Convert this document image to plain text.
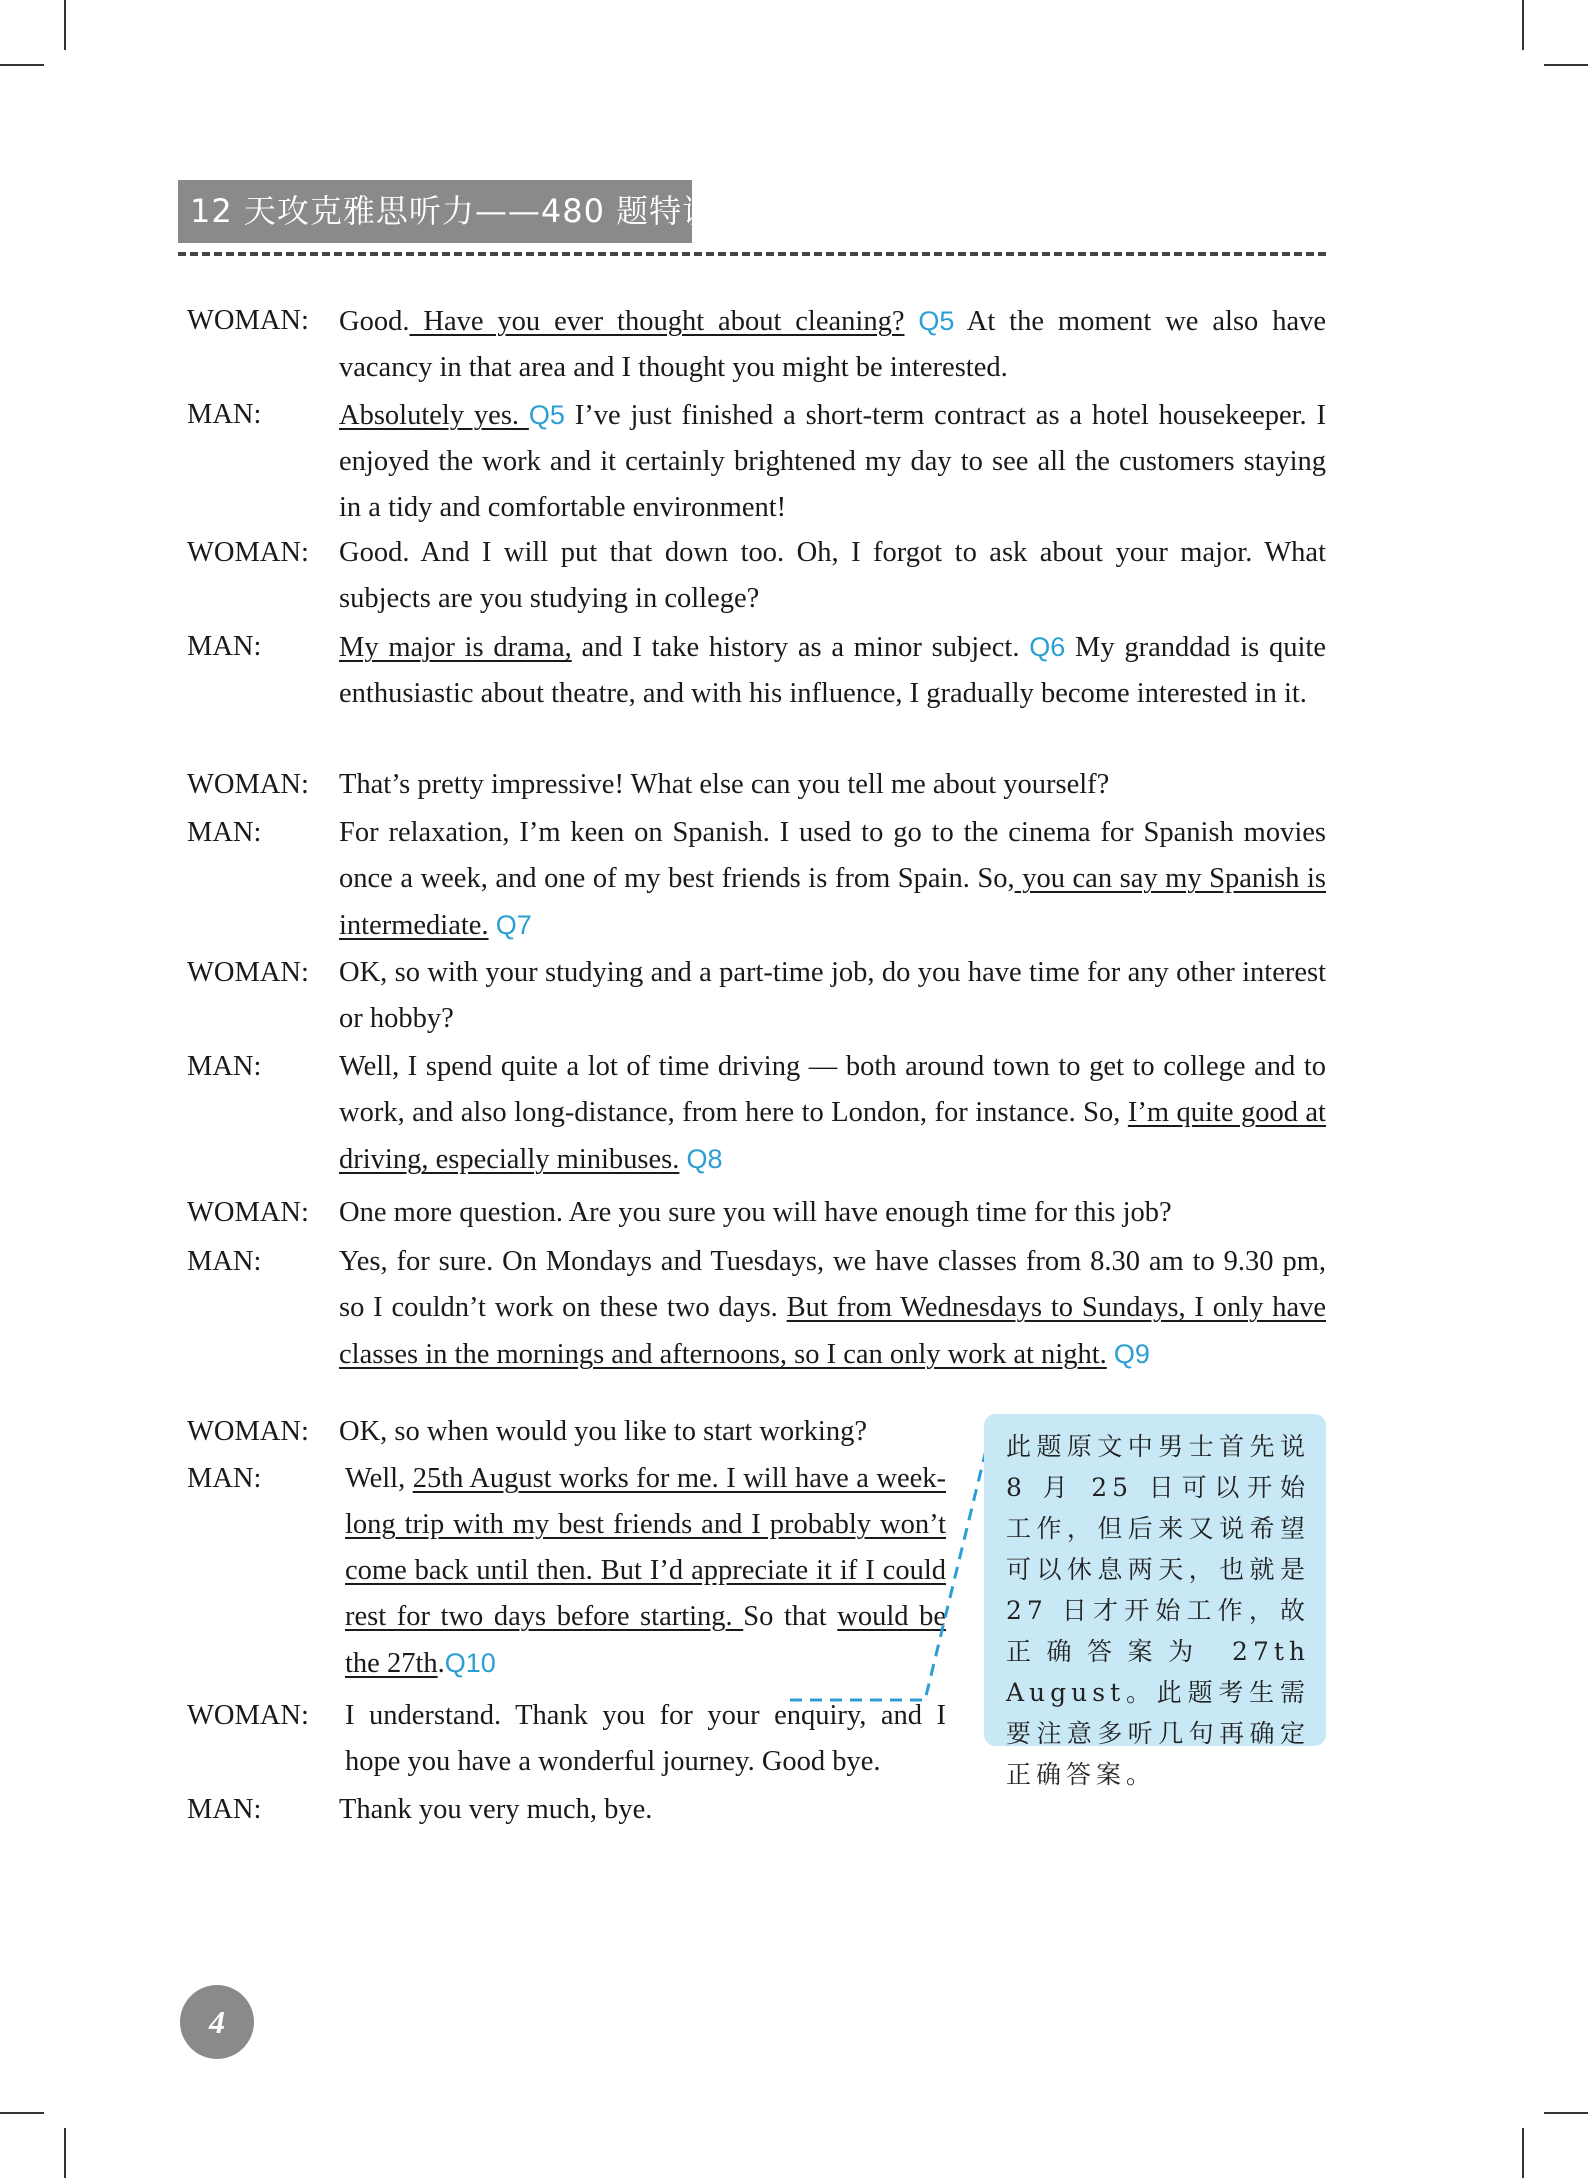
12 天攻克雅思听力——480 题特训版
WOMAN:	Good. Have you ever thought about cleaning? Q5 At the moment we also have vacancy in that area and I thought you might be interested.
MAN:	Absolutely yes. Q5 I’ve just finished a short-term contract as a hotel housekeeper. I enjoyed the work and it certainly brightened my day to see all the customers staying in a tidy and comfortable environment!
WOMAN:	Good. And I will put that down too. Oh, I forgot to ask about your major. What subjects are you studying in college?
MAN:	My major is drama, and I take history as a minor subject. Q6 My granddad is quite enthusiastic about theatre, and with his influence, I gradually become interested in it.
WOMAN:	That’s pretty impressive! What else can you tell me about yourself?
MAN:	For relaxation, I’m keen on Spanish. I used to go to the cinema for Spanish movies once a week, and one of my best friends is from Spain. So, you can say my Spanish is intermediate. Q7
WOMAN:	OK, so with your studying and a part-time job, do you have time for any other interest or hobby?
MAN:	Well, I spend quite a lot of time driving — both around town to get to college and to work, and also long-distance, from here to London, for instance. So, I’m quite good at driving, especially minibuses. Q8
WOMAN:	One more question. Are you sure you will have enough time for this job?
MAN:	Yes, for sure. On Mondays and Tuesdays, we have classes from 8.30 am to 9.30 pm, so I couldn’t work on these two days. But from Wednesdays to Sundays, I only have classes in the mornings and afternoons, so I can only work at night. Q9
WOMAN:	OK, so when would you like to start working?
MAN:	Well, 25th August works for me. I will have a week-long trip with my best friends and I probably won’t come back until then. But I’d appreciate it if I could rest for two days before starting. So that would be the 27th.Q10
WOMAN:	I understand. Thank you for your enquiry, and I hope you have a wonderful journey. Good bye.
MAN:	Thank you very much, bye.
此题原文中男士首先说 8 月 25 日可以开始工作，但后来又说希望可以休息两天，也就是 27 日才开始工作，故正确答案为 27th August。此题考生需要注意多听几句再确定正确答案。
4
